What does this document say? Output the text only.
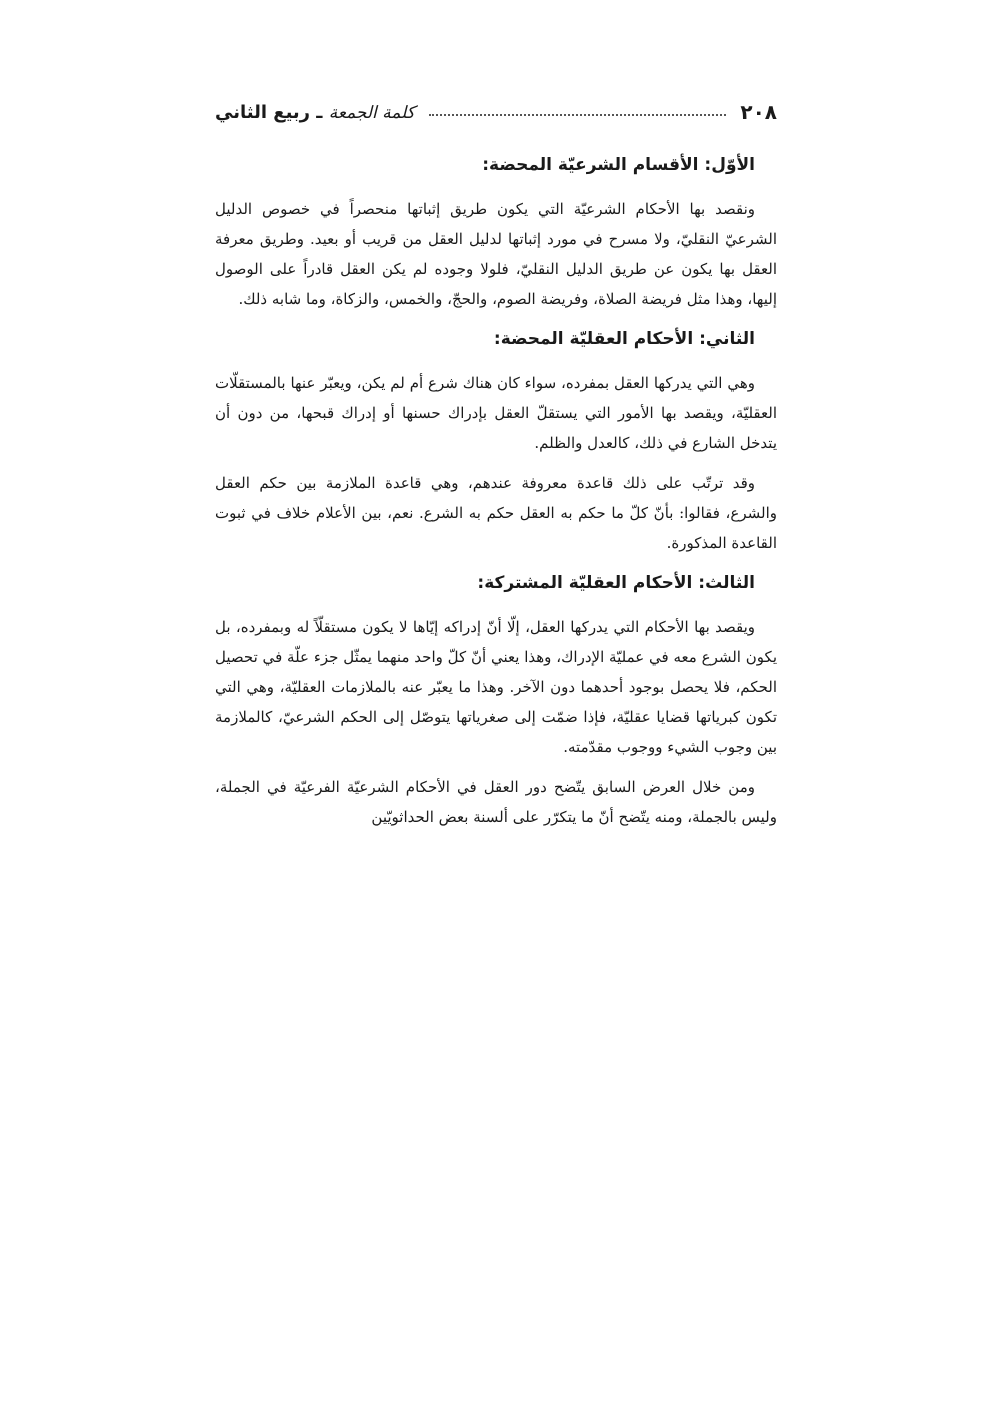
٢٠٨
كلمة الجمعة ـ ربيع الثاني
الأوّل: الأقسام الشرعيّة المحضة:

ونقصد بها الأحكام الشرعيّة التي يكون طريق إثباتها منحصراً في خصوص الدليل الشرعيّ النقليّ، ولا مسرح في مورد إثباتها لدليل العقل من قريب أو بعيد. وطريق معرفة العقل بها يكون عن طريق الدليل النقليّ، فلولا وجوده لم يكن العقل قادراً على الوصول إليها، وهذا مثل فريضة الصلاة، وفريضة الصوم، والحجّ، والخمس، والزكاة، وما شابه ذلك.

الثاني: الأحكام العقليّة المحضة:

وهي التي يدركها العقل بمفرده، سواء كان هناك شرع أم لم يكن، ويعبّر عنها بالمستقلّات العقليّة، ويقصد بها الأمور التي يستقلّ العقل بإدراك حسنها أو إدراك قبحها، من دون أن يتدخل الشارع في ذلك، كالعدل والظلم.

وقد ترتّب على ذلك قاعدة معروفة عندهم، وهي قاعدة الملازمة بين حكم العقل والشرع، فقالوا: بأنّ كلّ ما حكم به العقل حكم به الشرع. نعم، بين الأعلام خلاف في ثبوت القاعدة المذكورة.

الثالث: الأحكام العقليّة المشتركة:

ويقصد بها الأحكام التي يدركها العقل، إلّا أنّ إدراكه إيّاها لا يكون مستقلّاً له وبمفرده، بل يكون الشرع معه في عمليّة الإدراك، وهذا يعني أنّ كلّ واحد منهما يمثّل جزء علّة في تحصيل الحكم، فلا يحصل بوجود أحدهما دون الآخر. وهذا ما يعبّر عنه بالملازمات العقليّة، وهي التي تكون كبرياتها قضايا عقليّة، فإذا ضمّت إلى صغرياتها يتوصّل إلى الحكم الشرعيّ، كالملازمة بين وجوب الشيء ووجوب مقدّمته.

ومن خلال العرض السابق يتّضح دور العقل في الأحكام الشرعيّة الفرعيّة في الجملة، وليس بالجملة، ومنه يتّضح أنّ ما يتكرّر على ألسنة بعض الحداثويّين
